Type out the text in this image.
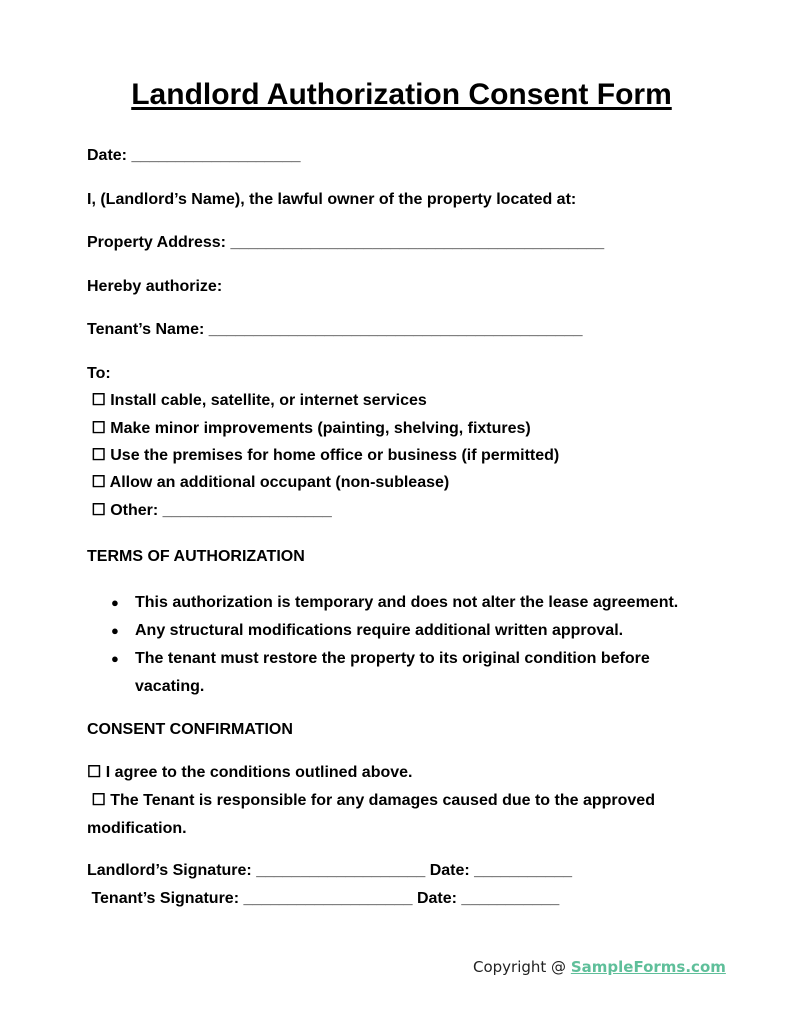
Landlord Authorization Consent Form

Date: ___________________

I, (Landlord’s Name), the lawful owner of the property located at:

Property Address: __________________________________________

Hereby authorize:

Tenant’s Name: __________________________________________

To:

☐ Install cable, satellite, or internet services

☐ Make minor improvements (painting, shelving, fixtures)

☐ Use the premises for home office or business (if permitted)

☐ Allow an additional occupant (non-sublease)

☐ Other: ___________________

TERMS OF AUTHORIZATION

● This authorization is temporary and does not alter the lease agreement.
● Any structural modifications require additional written approval.
● The tenant must restore the property to its original condition before vacating.

CONSENT CONFIRMATION

☐ I agree to the conditions outlined above.

☐ The Tenant is responsible for any damages caused due to the approved modification.

Landlord’s Signature: ___________________ Date: ___________

Tenant’s Signature: ___________________ Date: ___________

Copyright @ SampleForms.com
